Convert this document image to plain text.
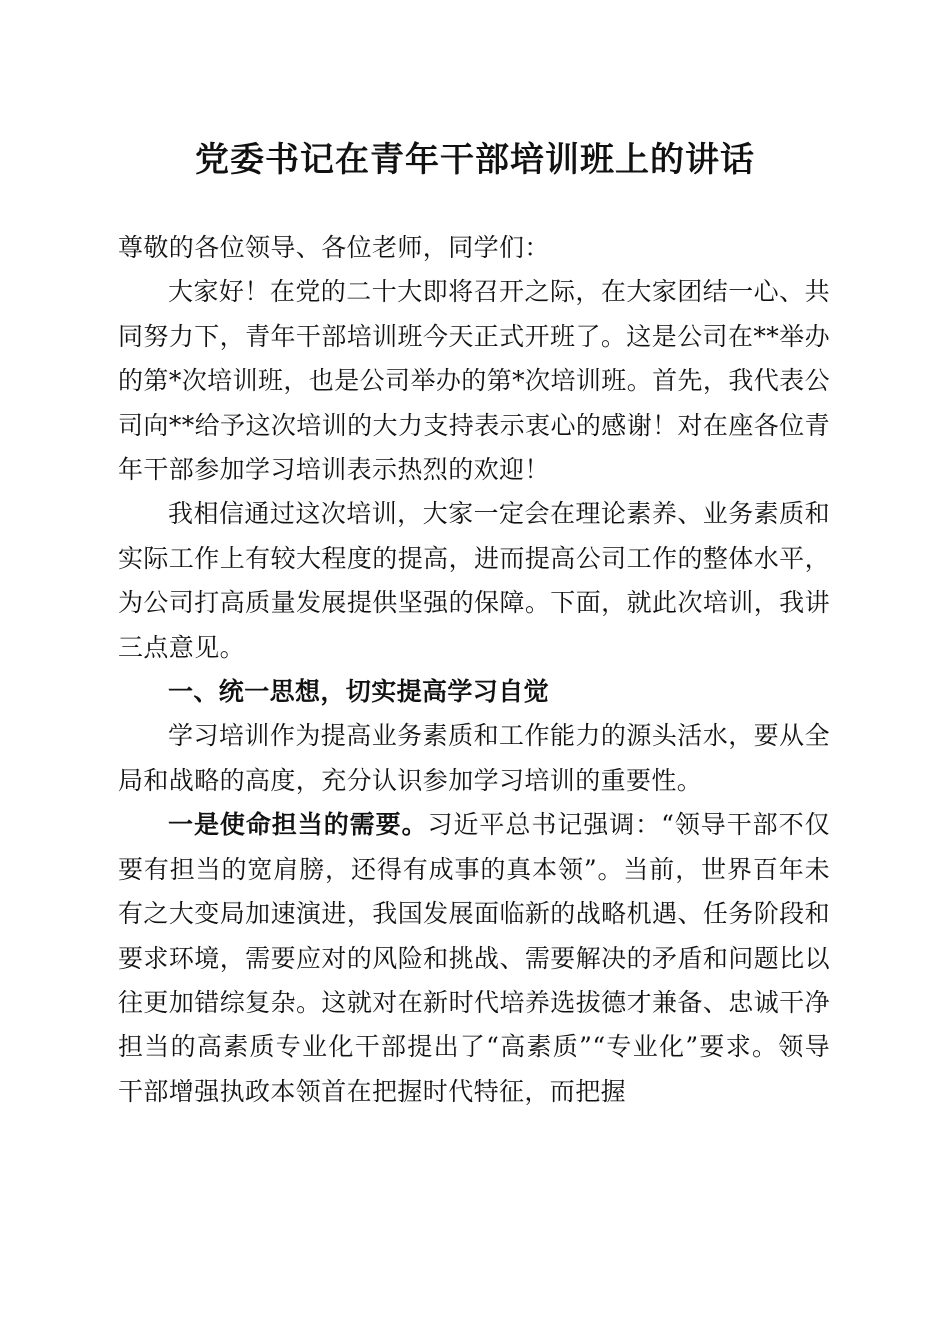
党委书记在青年干部培训班上的讲话

尊敬的各位领导、各位老师，同学们：

大家好！在党的二十大即将召开之际，在大家团结一心、共同努力下，青年干部培训班今天正式开班了。这是公司在**举办的第*次培训班，也是公司举办的第*次培训班。首先，我代表公司向**给予这次培训的大力支持表示衷心的感谢！对在座各位青年干部参加学习培训表示热烈的欢迎！

我相信通过这次培训，大家一定会在理论素养、业务素质和实际工作上有较大程度的提高，进而提高公司工作的整体水平，为公司打高质量发展提供坚强的保障。下面，就此次培训，我讲三点意见。

一、统一思想，切实提高学习自觉

学习培训作为提高业务素质和工作能力的源头活水，要从全局和战略的高度，充分认识参加学习培训的重要性。

一是使命担当的需要。习近平总书记强调：“领导干部不仅要有担当的宽肩膀，还得有成事的真本领”。当前，世界百年未有之大变局加速演进，我国发展面临新的战略机遇、任务阶段和要求环境，需要应对的风险和挑战、需要解决的矛盾和问题比以往更加错综复杂。这就对在新时代培养选拔德才兼备、忠诚干净担当的高素质专业化干部提出了“高素质”“专业化”要求。领导干部增强执政本领首在把握时代特征，而把握
